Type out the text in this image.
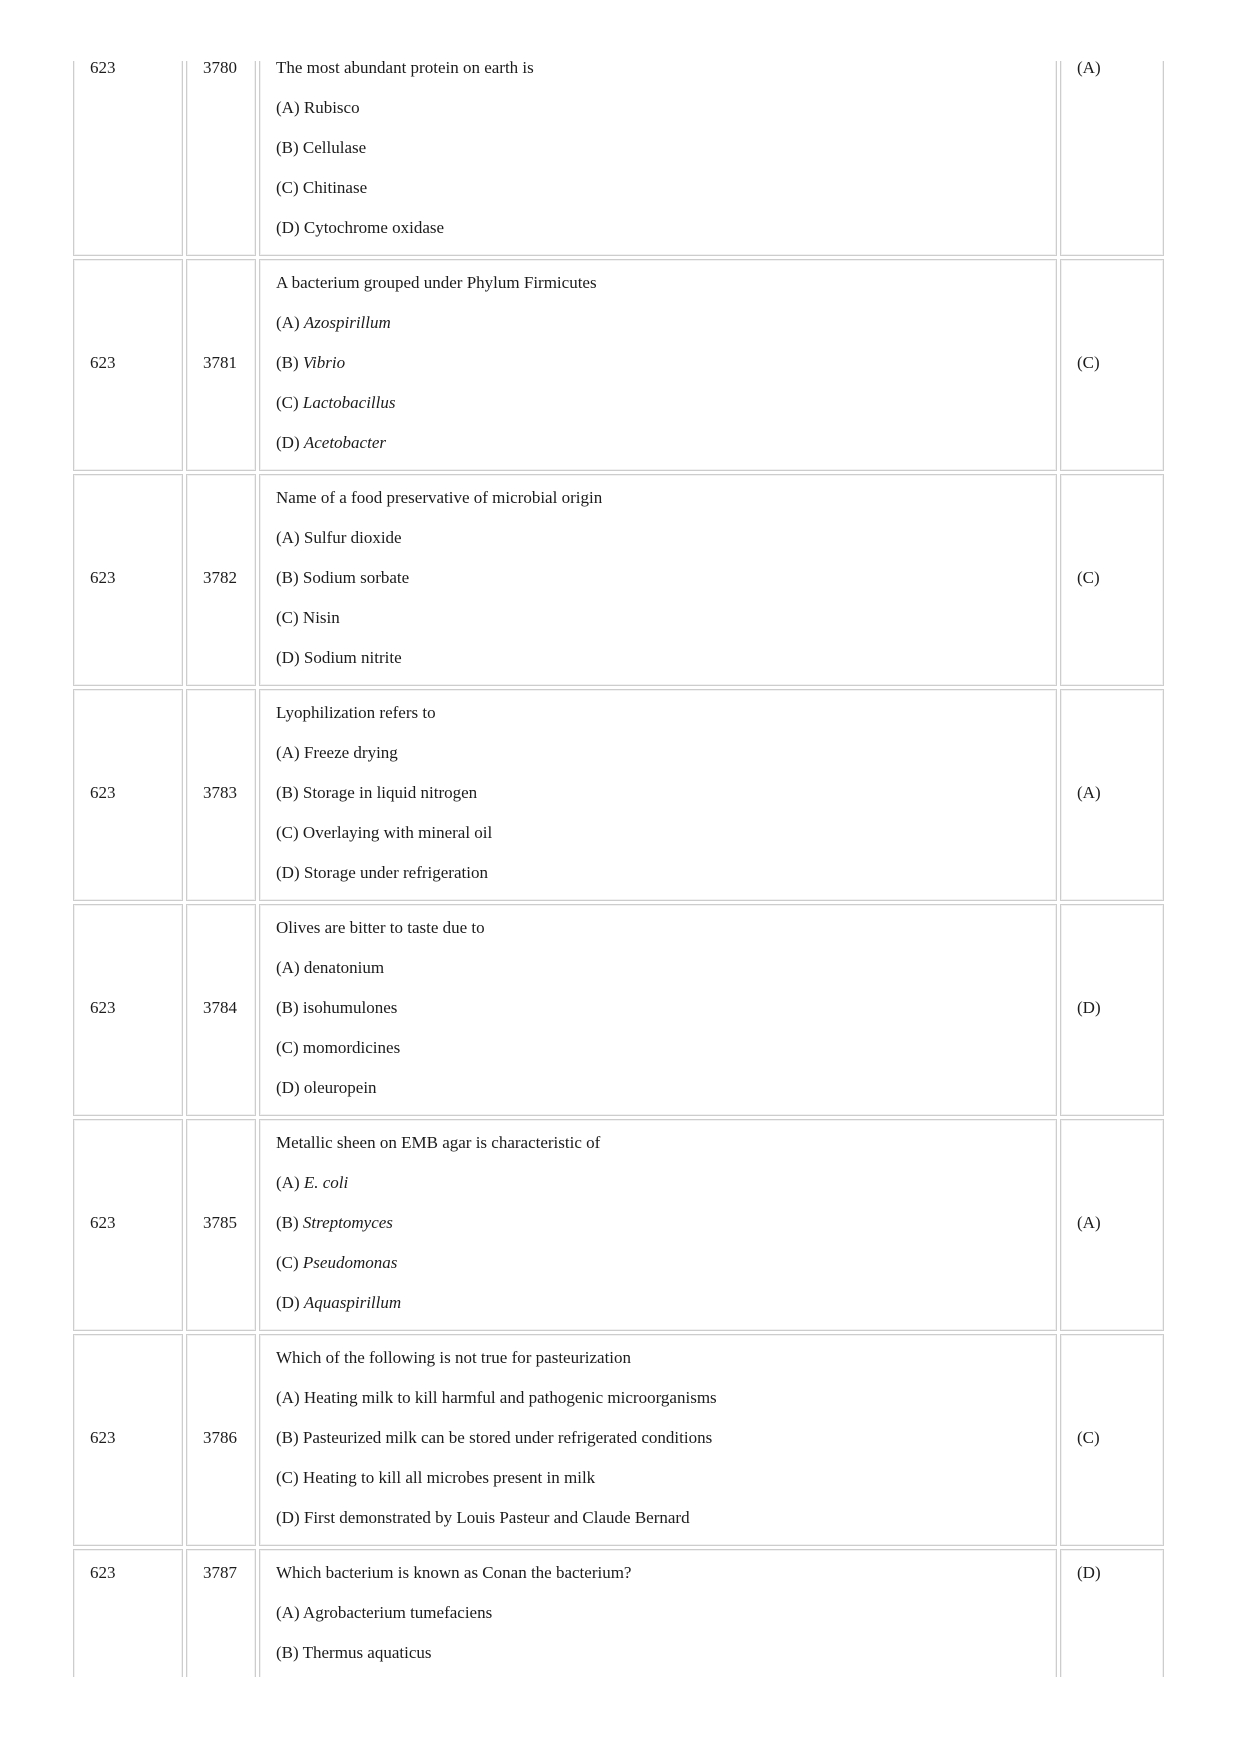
623	3780	The most abundant protein on earth is
(A) Rubisco
(B) Cellulase
(C) Chitinase
(D) Cytochrome oxidase	(A)
623	3781	A bacterium grouped under Phylum Firmicutes
(A) Azospirillum
(B) Vibrio
(C) Lactobacillus
(D) Acetobacter	(C)
623	3782	Name of a food preservative of microbial origin
(A) Sulfur dioxide
(B) Sodium sorbate
(C) Nisin
(D) Sodium nitrite	(C)
623	3783	Lyophilization refers to
(A) Freeze drying
(B) Storage in liquid nitrogen
(C) Overlaying with mineral oil
(D) Storage under refrigeration	(A)
623	3784	Olives are bitter to taste due to
(A) denatonium
(B) isohumulones
(C) momordicines
(D) oleuropein	(D)
623	3785	Metallic sheen on EMB agar is characteristic of
(A) E. coli
(B) Streptomyces
(C) Pseudomonas
(D) Aquaspirillum	(A)
623	3786	Which of the following is not true for pasteurization
(A) Heating milk to kill harmful and pathogenic microorganisms
(B) Pasteurized milk can be stored under refrigerated conditions
(C) Heating to kill all microbes present in milk
(D) First demonstrated by Louis Pasteur and Claude Bernard	(C)
623	3787	Which bacterium is known as Conan the bacterium?
(A) Agrobacterium tumefaciens
(B) Thermus aquaticus	(D)
